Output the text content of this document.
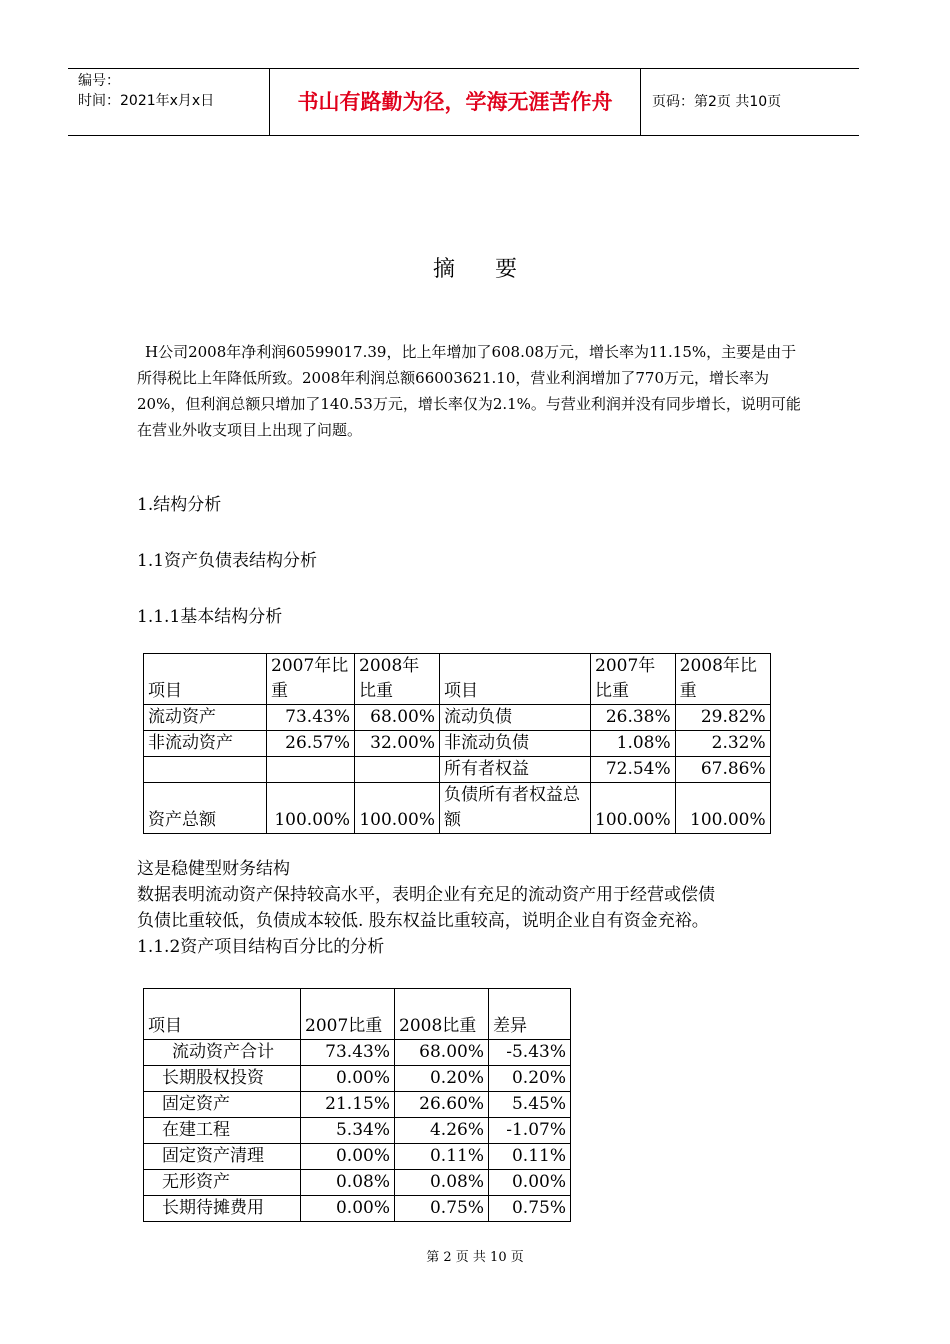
编号：
时间：2021年x月x日	书山有路勤为径，学海无涯苦作舟	页码：第2页 共10页
摘要
H公司2008年净利润60599017.39，比上年增加了608.08万元，增长率为11.15%，主要是由于所得税比上年降低所致。2008年利润总额66003621.10，营业利润增加了770万元，增长率为20%，但利润总额只增加了140.53万元，增长率仅为2.1%。与营业利润并没有同步增长，说明可能在营业外收支项目上出现了问题。
1.结构分析
1.1资产负债表结构分析
1.1.1基本结构分析
项目	2007年比重	2008年比重	项目	2007年比重	2008年比重
流动资产	73.43%	68.00%	流动负债	26.38%	29.82%
非流动资产	26.57%	32.00%	非流动负债	1.08%	2.32%
			所有者权益	72.54%	67.86%
资产总额	100.00%	100.00%	负债所有者权益总额	100.00%	100.00%
这是稳健型财务结构
数据表明流动资产保持较高水平，表明企业有充足的流动资产用于经营或偿债
负债比重较低，负债成本较低. 股东权益比重较高，说明企业自有资金充裕。
1.1.2资产项目结构百分比的分析
项目	2007比重	2008比重	差异
流动资产合计	73.43%	68.00%	-5.43%
长期股权投资	0.00%	0.20%	0.20%
固定资产	21.15%	26.60%	5.45%
在建工程	5.34%	4.26%	-1.07%
固定资产清理	0.00%	0.11%	0.11%
无形资产	0.08%	0.08%	0.00%
长期待摊费用	0.00%	0.75%	0.75%
第 2 页 共 10 页
